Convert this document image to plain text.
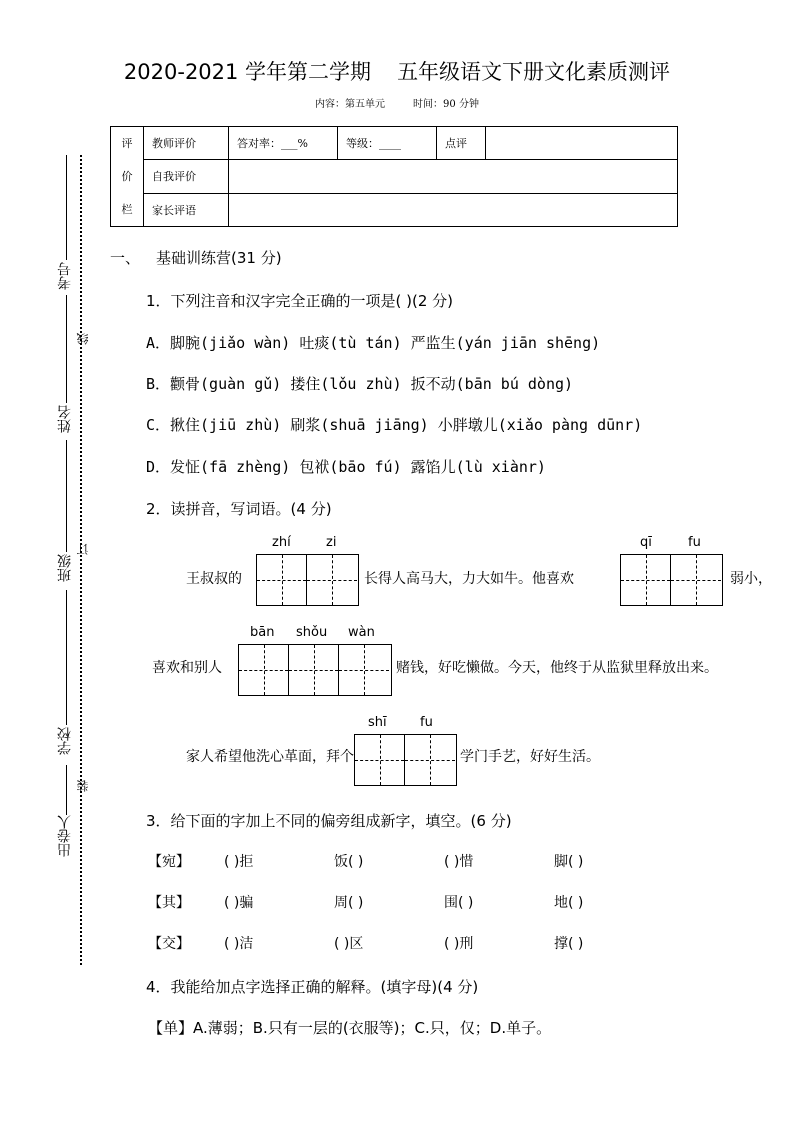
2020-2021 学年第二学期 五年级语文下册文化素质测评
内容：第五单元	时间：90 分钟
评
价
栏	教师评价	答对率：___%	等级：____	点评	
	自我评价				
	家长评语				
考号
姓名
班级
学校
出卷人
线
订
装
一、 基础训练营(31 分)
1．下列注音和汉字完全正确的一项是( )(2 分)
A．脚腕(jiǎo wàn) 吐痰(tù tán) 严监生(yán jiān shēng)
B．颧骨(guàn gǔ) 搂住(lǒu zhù) 扳不动(bān bú dòng)
C．揪住(jiū zhù) 刷浆(shuā jiāng) 小胖墩儿(xiǎo pàng dūnr)
D．发怔(fā zhèng) 包袱(bāo fú) 露馅儿(lù xiànr)
2．读拼音，写词语。(4 分)
zhí	zi	qī	fu
王叔叔的	长得人高马大，力大如牛。他喜欢	弱小，
bān shǒu wàn
喜欢和别人	赌钱，好吃懒做。今天，他终于从监狱里释放出来。
shī	fu
家人希望他洗心革面，拜个	学门手艺，好好生活。
3．给下面的字加上不同的偏旁组成新字，填空。(6 分)
【宛】 ( )拒	饭( )	( )惜	脚( )
【其】 ( )骗	周( )	围( )	地( )
【交】 ( )洁	( )区	( )刑	撑( )
4．我能给加点字选择正确的解释。(填字母)(4 分)
【单】A.薄弱；B.只有一层的(衣服等)；C.只，仅；D.单子。
